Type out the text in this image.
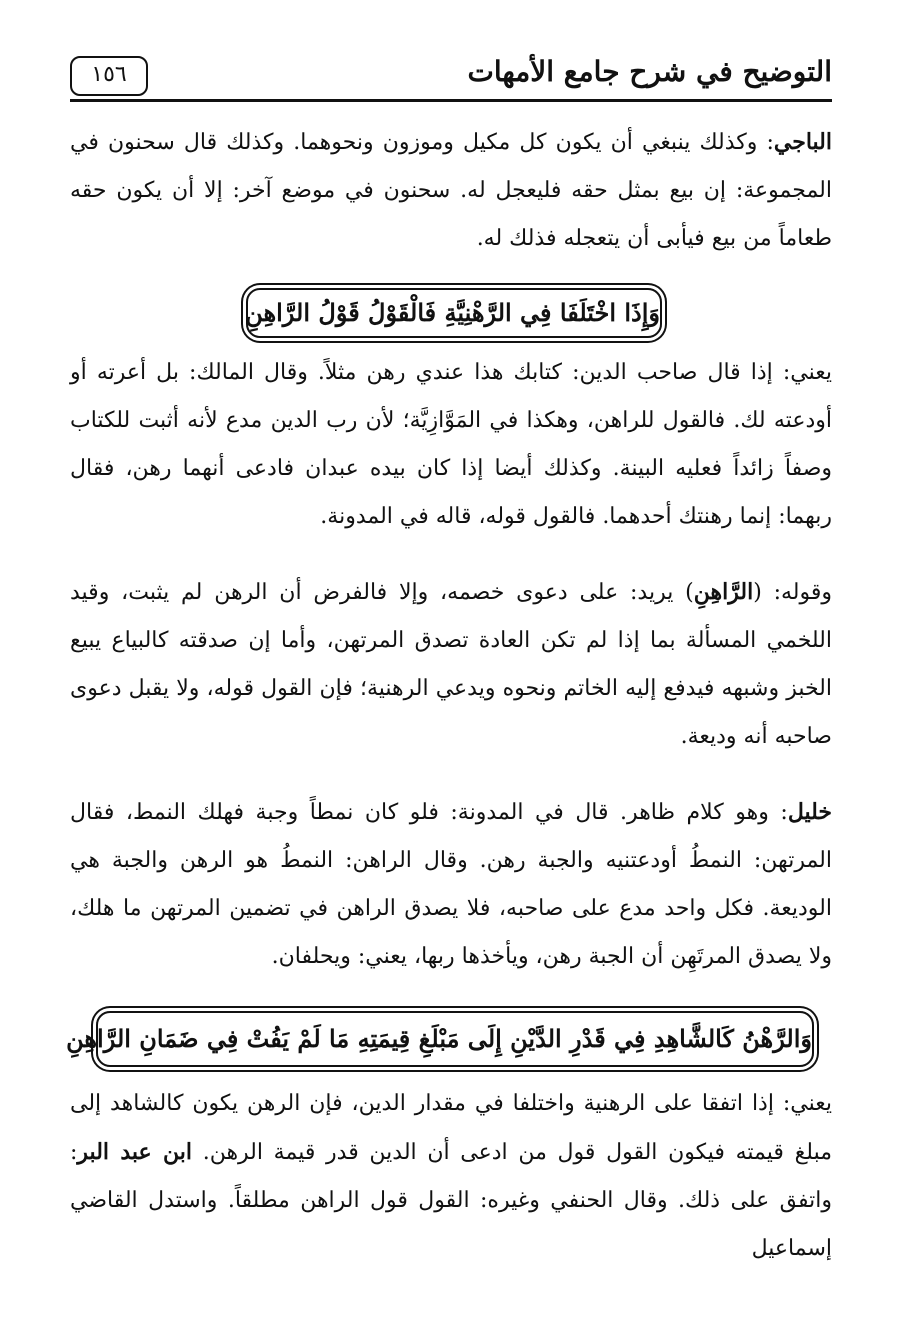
١٥٦	التوضيح في شرح جامع الأمهات

الباجي: وكذلك ينبغي أن يكون كل مكيل وموزون ونحوهما. وكذلك قال سحنون في المجموعة: إن بيع بمثل حقه فليعجل له. سحنون في موضع آخر: إلا أن يكون حقه طعاماً من بيع فيأبى أن يتعجله فذلك له.

وَإِذَا اخْتَلَفَا فِي الرَّهْنِيَّةِ فَالْقَوْلُ قَوْلُ الرَّاهِنِ

يعني: إذا قال صاحب الدين: كتابك هذا عندي رهن مثلاً. وقال المالك: بل أعرته أو أودعته لك. فالقول للراهن، وهكذا في المَوَّازِيَّة؛ لأن رب الدين مدع لأنه أثبت للكتاب وصفاً زائداً فعليه البينة. وكذلك أيضا إذا كان بيده عبدان فادعى أنهما رهن، فقال ربهما: إنما رهنتك أحدهما. فالقول قوله، قاله في المدونة.

وقوله: (الرَّاهِنِ) يريد: على دعوى خصمه، وإلا فالفرض أن الرهن لم يثبت، وقيد اللخمي المسألة بما إذا لم تكن العادة تصدق المرتهن، وأما إن صدقته كالبياع يبيع الخبز وشبهه فيدفع إليه الخاتم ونحوه ويدعي الرهنية؛ فإن القول قوله، ولا يقبل دعوى صاحبه أنه وديعة.

خليل: وهو كلام ظاهر. قال في المدونة: فلو كان نمطاً وجبة فهلك النمط، فقال المرتهن: النمطُ أودعتنيه والجبة رهن. وقال الراهن: النمطُ هو الرهن والجبة هي الوديعة. فكل واحد مدع على صاحبه، فلا يصدق الراهن في تضمين المرتهن ما هلك، ولا يصدق المرتَهِن أن الجبة رهن، ويأخذها ربها، يعني: ويحلفان.

وَالرَّهْنُ كَالشَّاهِدِ فِي قَدْرِ الدَّيْنِ إِلَى مَبْلَغِ قِيمَتِهِ مَا لَمْ يَفُتْ فِي ضَمَانِ الرَّاهِنِ

يعني: إذا اتفقا على الرهنية واختلفا في مقدار الدين، فإن الرهن يكون كالشاهد إلى مبلغ قيمته فيكون القول قول من ادعى أن الدين قدر قيمة الرهن. ابن عبد البر: واتفق على ذلك. وقال الحنفي وغيره: القول قول الراهن مطلقاً. واستدل القاضي إسماعيل
